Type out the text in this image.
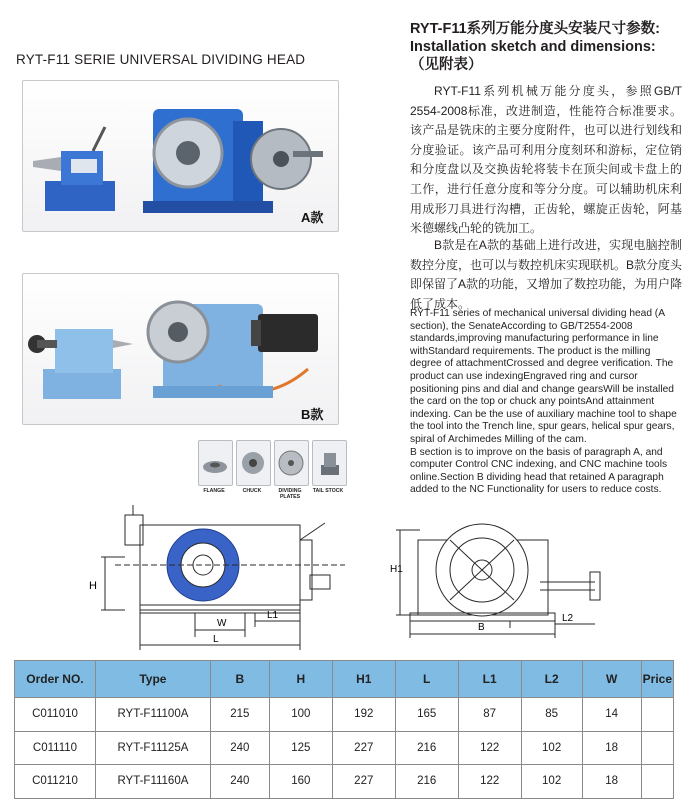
RYT-F11 SERIE UNIVERSAL DIVIDING HEAD
A款
B款
RYT-F11系列万能分度头安装尺寸参数:
Installation sketch and dimensions:
（见附表）
RYT-F11系列机械万能分度头，参照GB/T 2554-2008标准，改进制造，性能符合标准要求。该产品是铣床的主要分度附件，也可以进行划线和分度验证。该产品可利用分度刻环和游标，定位销和分度盘以及交换齿轮将装卡在顶尖间或卡盘上的工作，进行任意分度和等分分度。可以辅助机床利用成形刀具进行沟槽，正齿轮，螺旋正齿轮，阿基米德螺线凸轮的铣加工。
B款是在A款的基础上进行改进，实现电脑控制数控分度，也可以与数控机床实现联机。B款分度头即保留了A款的功能，又增加了数控功能，为用户降低了成本。
RYT-F11 series of mechanical universal dividing head (A section), the SenateAccording to GB/T2554-2008 standards,improving manufacturing performance in line withStandard requirements. The product is the milling degree of attachmentCrossed and degree verification. The product can use indexingEngraved ring and cursor positioning pins and dial and change gearsWill be installed the card on the top or chuck any pointsAnd attainment indexing. Can be the use of auxiliary machine tool to shape the tool into the Trench line, spur gears, helical spur gears, spiral of Archimedes Milling of the cam.
B section is to improve on the basis of paragraph A, and computer Control CNC indexing, and CNC machine tools online.Section B dividing head that retained A paragraph added to the NC Functionality for users to reduce costs.
FLANGE	CHUCK	DIVIDING PLATES
TAIL STOCK
H
W
L1
L
H1
B
L2
Order NO.	Type	B	H	H1	L	L1	L2	W	Price
C011010	RYT-F11100A	215	100	192	165	87	85	14	
C011110	RYT-F11125A	240	125	227	216	122	102	18	
C011210	RYT-F11160A	240	160	227	216	122	102	18	
